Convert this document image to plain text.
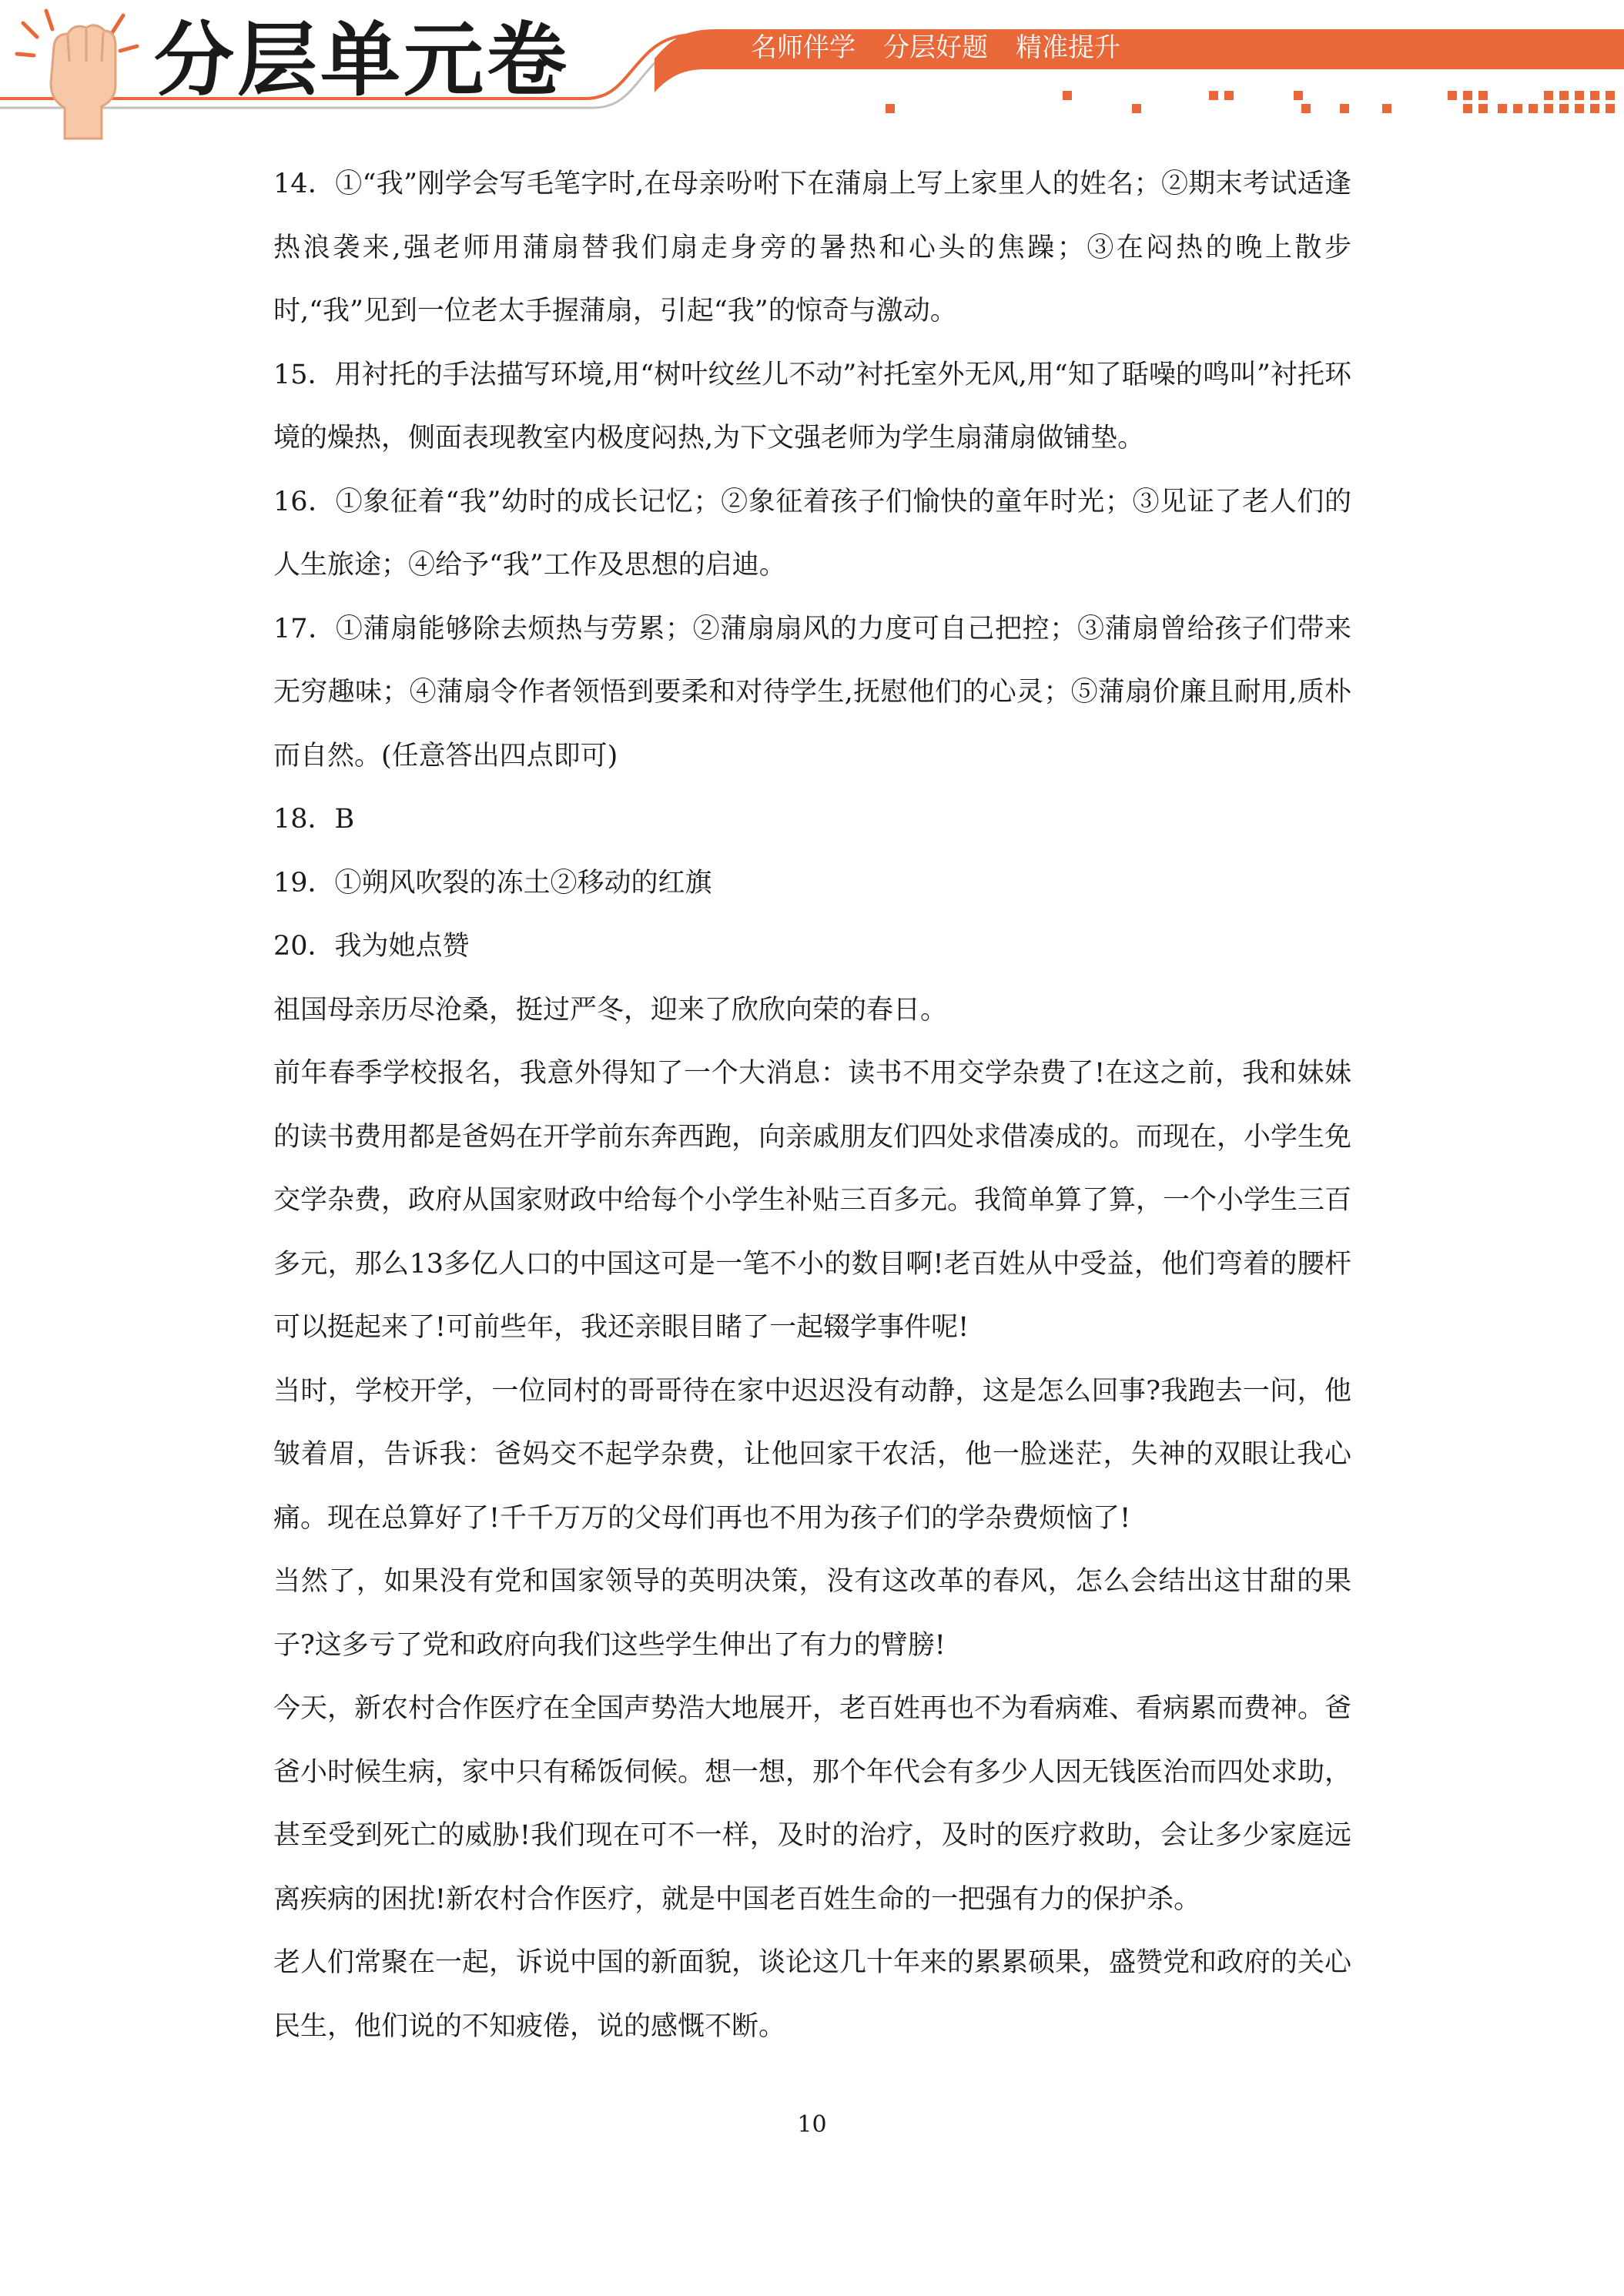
分层单元卷	名师伴学 分层好题 精准提升

14．①“我”刚学会写毛笔字时,在母亲吩咐下在蒲扇上写上家里人的姓名；②期末考试适逢热浪袭来,强老师用蒲扇替我们扇走身旁的暑热和心头的焦躁；③在闷热的晚上散步时,“我”见到一位老太手握蒲扇，引起“我”的惊奇与激动。

15．用衬托的手法描写环境,用“树叶纹丝儿不动”衬托室外无风,用“知了聒噪的鸣叫”衬托环境的燥热，侧面表现教室内极度闷热,为下文强老师为学生扇蒲扇做铺垫。

16．①象征着“我”幼时的成长记忆；②象征着孩子们愉快的童年时光；③见证了老人们的人生旅途；④给予“我”工作及思想的启迪。

17．①蒲扇能够除去烦热与劳累；②蒲扇扇风的力度可自己把控；③蒲扇曾给孩子们带来无穷趣味；④蒲扇令作者领悟到要柔和对待学生,抚慰他们的心灵；⑤蒲扇价廉且耐用,质朴而自然。(任意答出四点即可)

18．B

19．①朔风吹裂的冻土②移动的红旗

20．我为她点赞

祖国母亲历尽沧桑，挺过严冬，迎来了欣欣向荣的春日。

前年春季学校报名，我意外得知了一个大消息：读书不用交学杂费了!在这之前，我和妹妹的读书费用都是爸妈在开学前东奔西跑，向亲戚朋友们四处求借凑成的。而现在，小学生免交学杂费，政府从国家财政中给每个小学生补贴三百多元。我简单算了算，一个小学生三百多元，那么13多亿人口的中国这可是一笔不小的数目啊!老百姓从中受益，他们弯着的腰杆可以挺起来了!可前些年，我还亲眼目睹了一起辍学事件呢!

当时，学校开学，一位同村的哥哥待在家中迟迟没有动静，这是怎么回事?我跑去一问，他皱着眉，告诉我：爸妈交不起学杂费，让他回家干农活，他一脸迷茫，失神的双眼让我心痛。现在总算好了!千千万万的父母们再也不用为孩子们的学杂费烦恼了!

当然了，如果没有党和国家领导的英明决策，没有这改革的春风，怎么会结出这甘甜的果子?这多亏了党和政府向我们这些学生伸出了有力的臂膀!

今天，新农村合作医疗在全国声势浩大地展开，老百姓再也不为看病难、看病累而费神。爸爸小时候生病，家中只有稀饭伺候。想一想，那个年代会有多少人因无钱医治而四处求助，甚至受到死亡的威胁!我们现在可不一样，及时的治疗，及时的医疗救助，会让多少家庭远离疾病的困扰!新农村合作医疗，就是中国老百姓生命的一把强有力的保护杀。

老人们常聚在一起，诉说中国的新面貌，谈论这几十年来的累累硕果，盛赞党和政府的关心民生，他们说的不知疲倦，说的感慨不断。

10
